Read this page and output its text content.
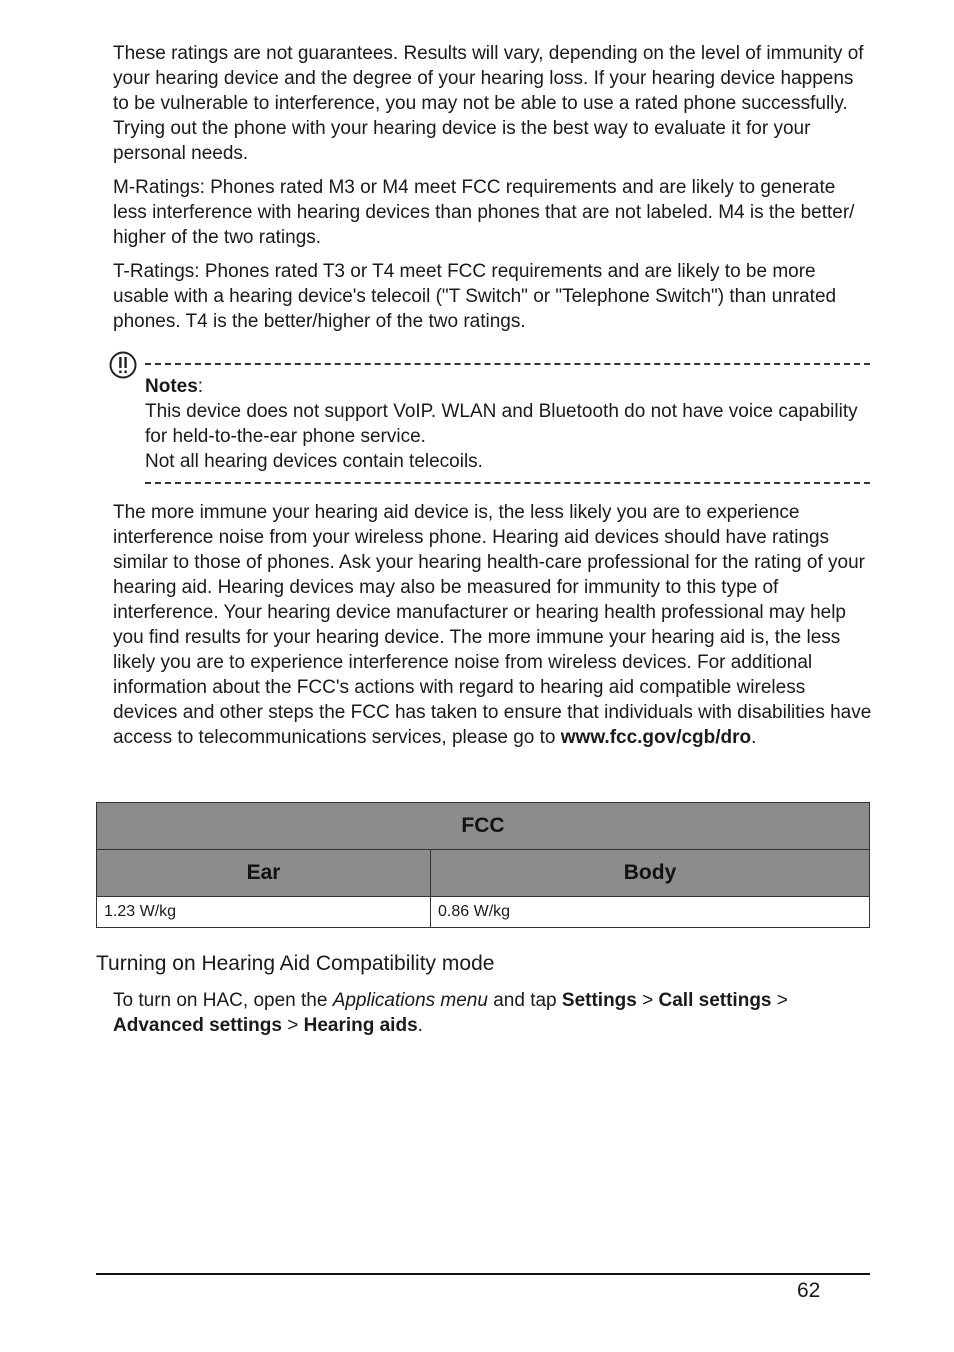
These ratings are not guarantees. Results will vary, depending on the level of immunity of your hearing device and the degree of your hearing loss. If your hearing device happens to be vulnerable to interference, you may not be able to use a rated phone successfully. Trying out the phone with your hearing device is the best way to evaluate it for your personal needs.

M-Ratings: Phones rated M3 or M4 meet FCC requirements and are likely to generate less interference with hearing devices than phones that are not labeled. M4 is the better/ higher of the two ratings.

T-Ratings: Phones rated T3 or T4 meet FCC requirements and are likely to be more usable with a hearing device's telecoil ("T Switch" or "Telephone Switch") than unrated phones. T4 is the better/higher of the two ratings.

Notes:
This device does not support VoIP. WLAN and Bluetooth do not have voice capability for held-to-the-ear phone service.
Not all hearing devices contain telecoils.

The more immune your hearing aid device is, the less likely you are to experience interference noise from your wireless phone. Hearing aid devices should have ratings similar to those of phones. Ask your hearing health-care professional for the rating of your hearing aid. Hearing devices may also be measured for immunity to this type of interference. Your hearing device manufacturer or hearing health professional may help you find results for your hearing device. The more immune your hearing aid is, the less likely you are to experience interference noise from wireless devices. For additional information about the FCC's actions with regard to hearing aid compatible wireless devices and other steps the FCC has taken to ensure that individuals with disabilities have access to telecommunications services, please go to www.fcc.gov/cgb/dro.

FCC	
Ear	Body
1.23 W/kg	0.86 W/kg
Turning on Hearing Aid Compatibility mode

To turn on HAC, open the Applications menu and tap Settings > Call settings >
Advanced settings > Hearing aids.

62
